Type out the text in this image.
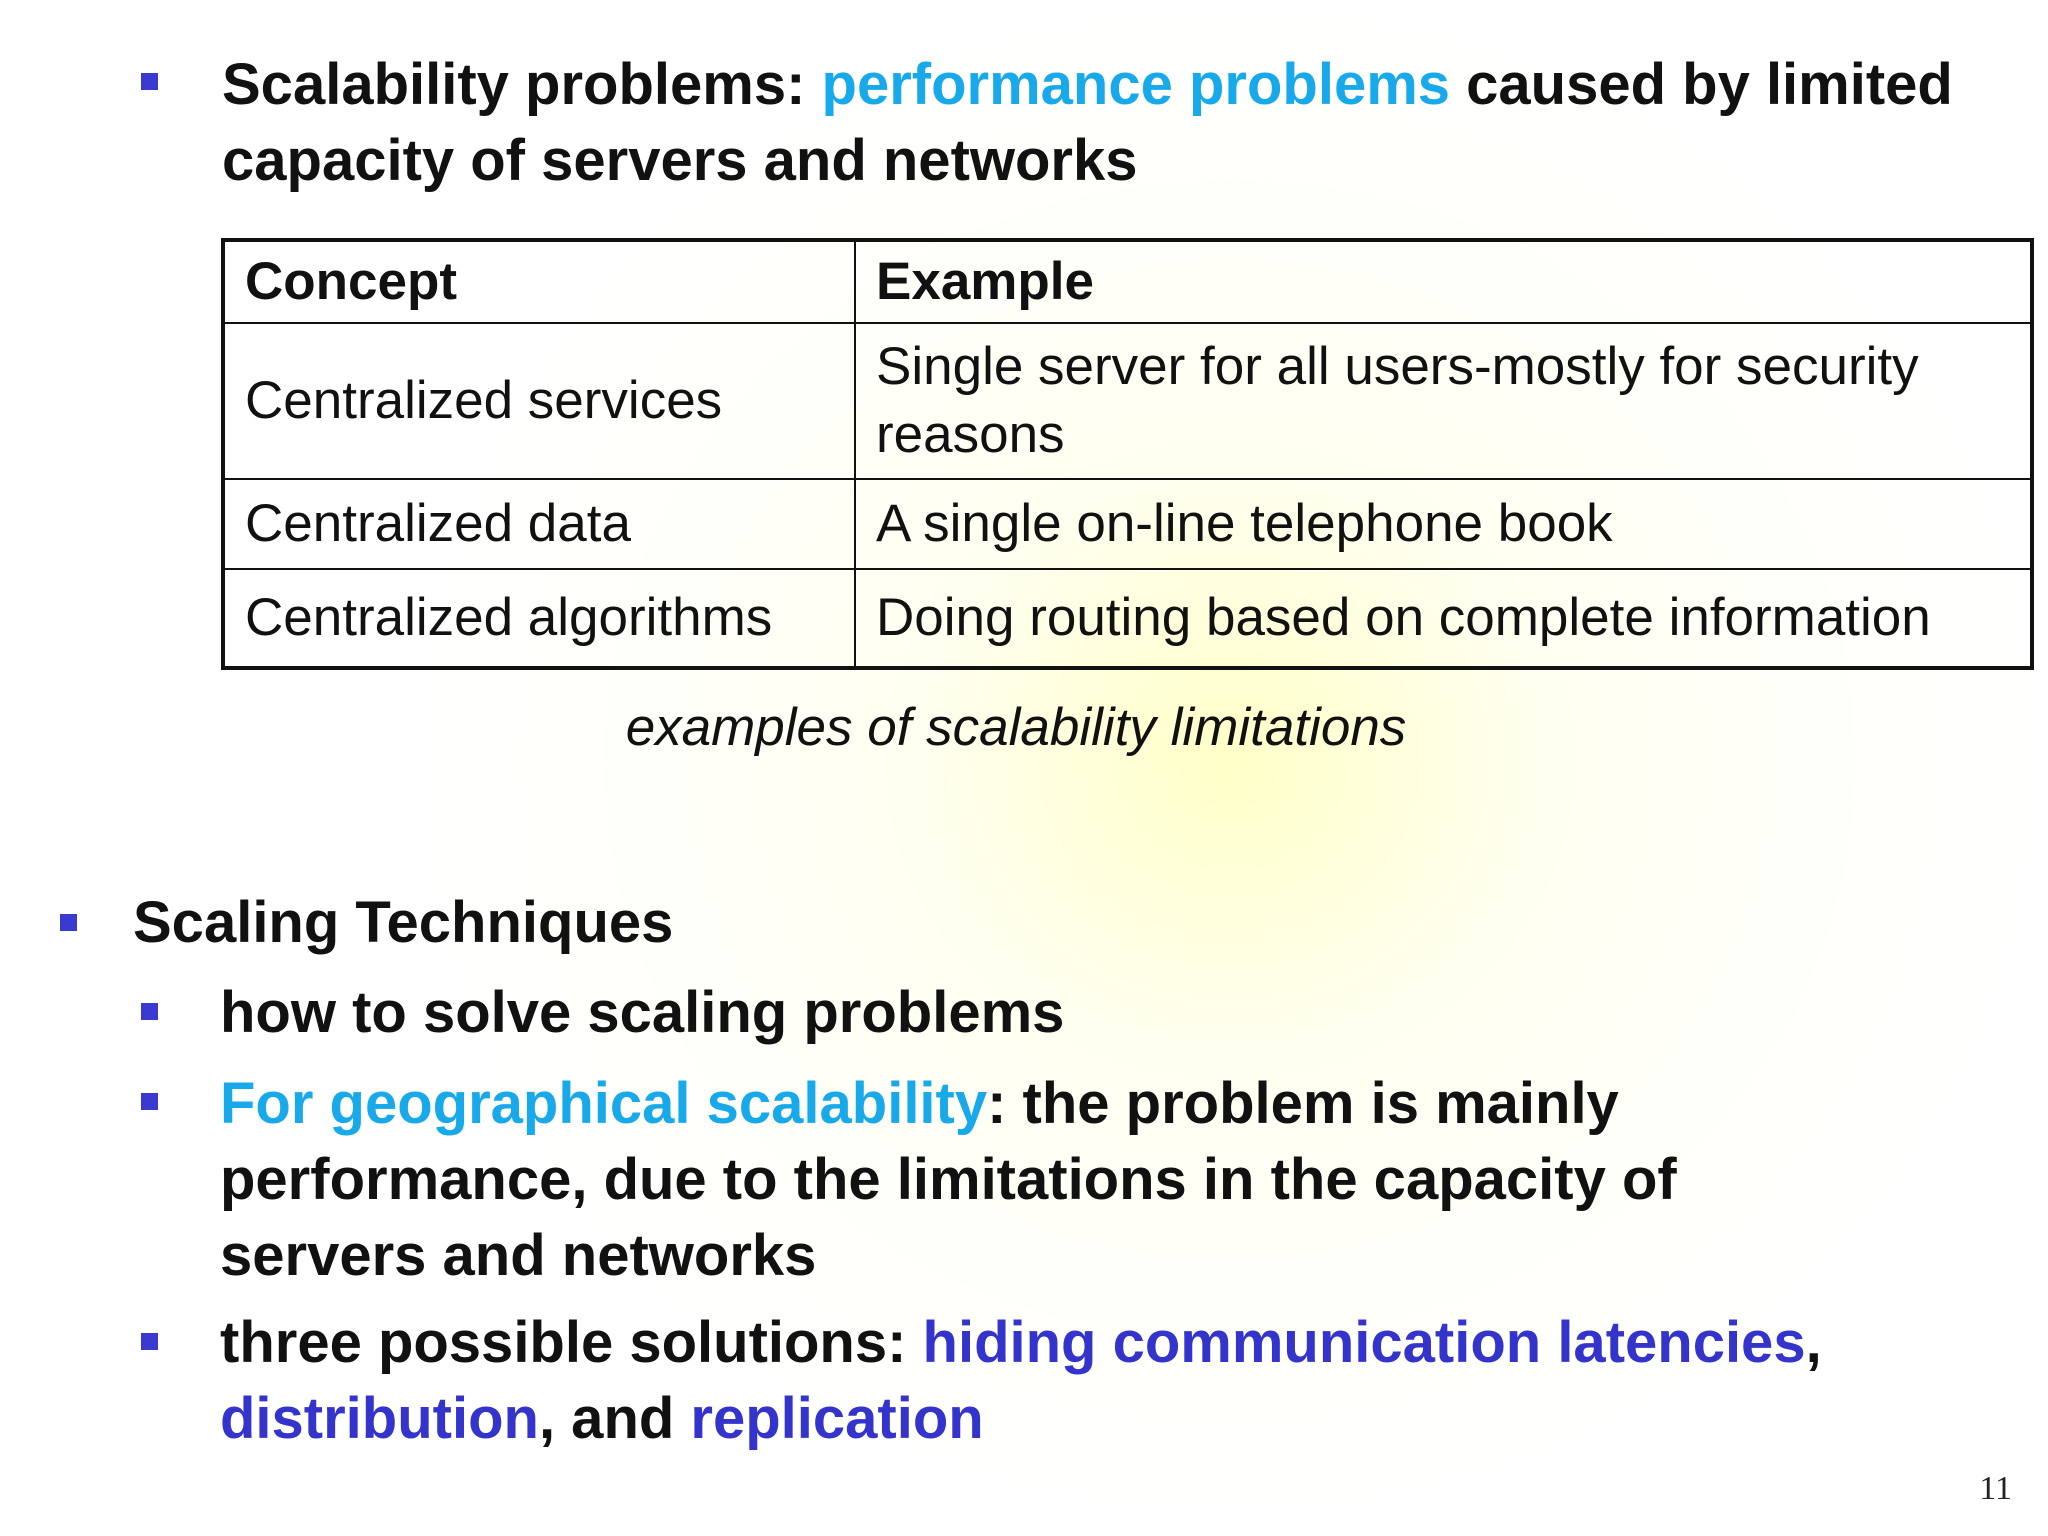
Scalability problems: performance problems caused by limited capacity of servers and networks
Concept	Example
Centralized services	Single server for all users-mostly for security reasons
Centralized data	A single on-line telephone book
Centralized algorithms	Doing routing based on complete information
examples of scalability limitations
Scaling Techniques
how to solve scaling problems
For geographical scalability: the problem is mainly performance, due to the limitations in the capacity of servers and networks
three possible solutions: hiding communication latencies, distribution, and replication
11
